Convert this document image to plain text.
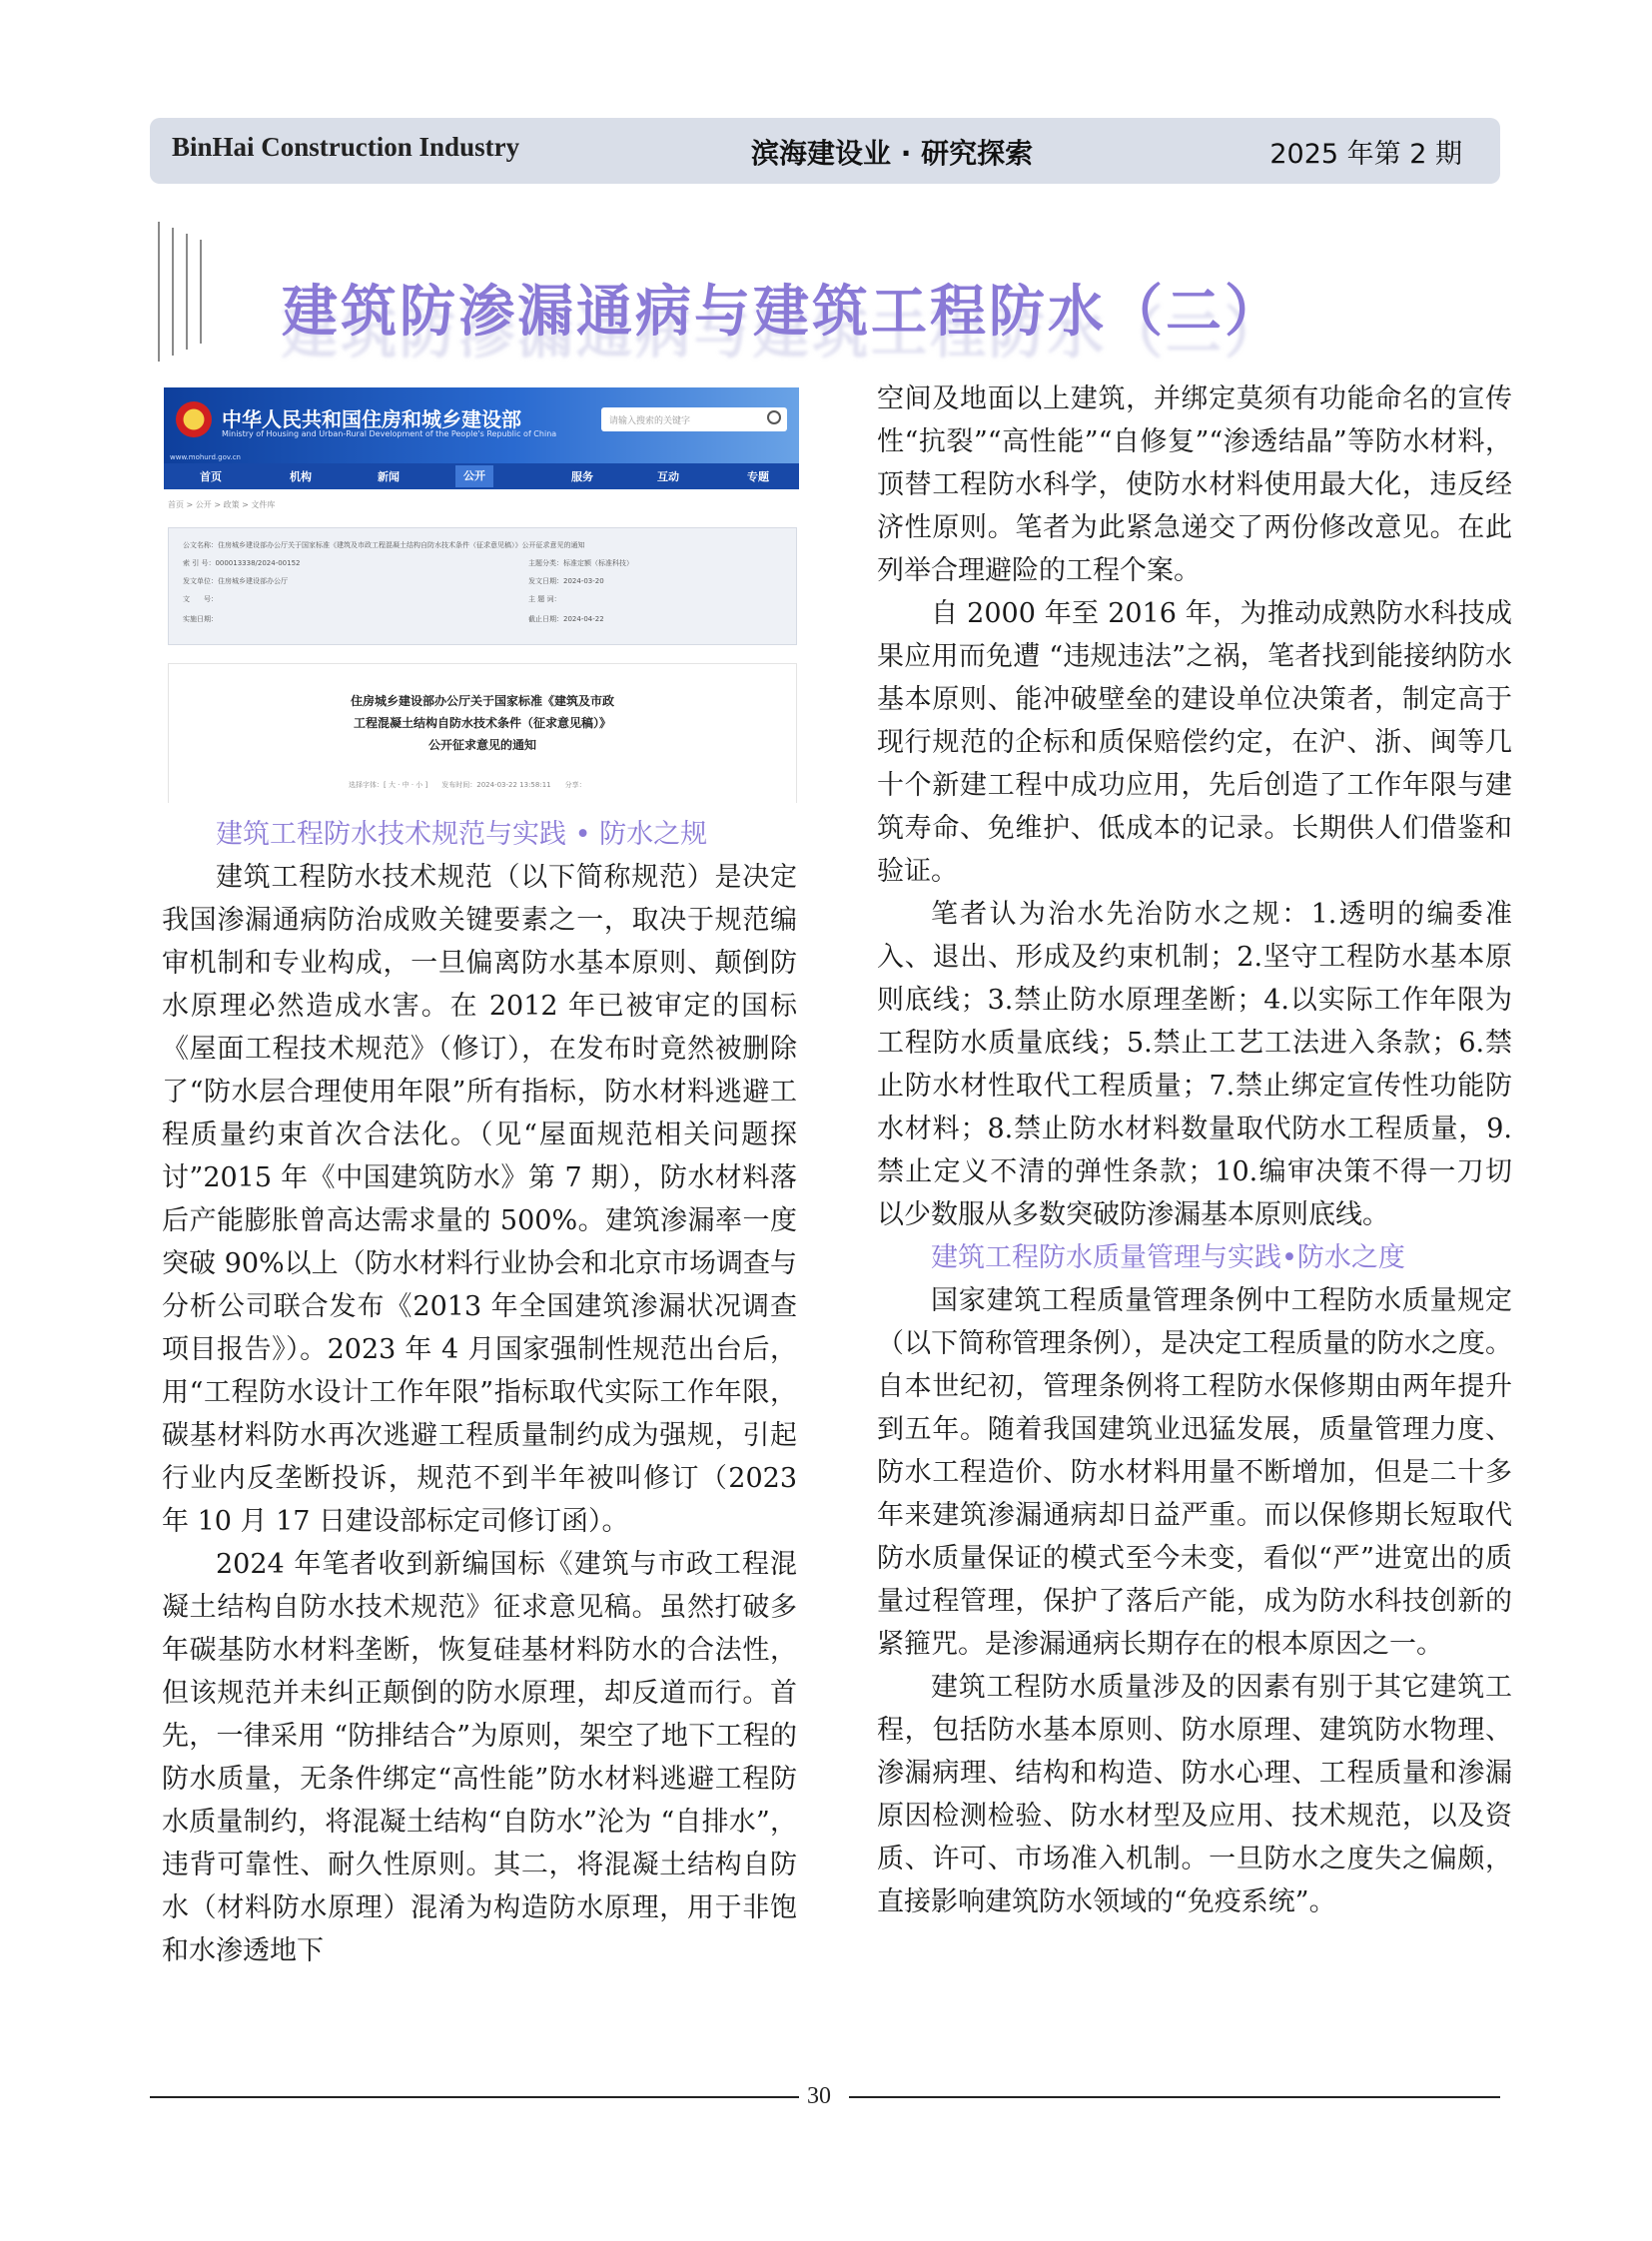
BinHai Construction Industry	滨海建设业 · 研究探索	2025 年第 2 期
建筑防渗漏通病与建筑工程防水（二）
中华人民共和国住房和城乡建设部
Ministry of Housing and Urban-Rural Development of the People's Republic of China
www.mohurd.gov.cn
请输入搜索的关键字
首页	机构	新闻	公开	服务	互动	专题
首页 > 公开 > 政策 > 文件库
公文名称：住房城乡建设部办公厅关于国家标准《建筑及市政工程混凝土结构自防水技术条件（征求意见稿）》公开征求意见的通知
索 引 号：000013338/2024-00152	主题分类：标准定额（标准科技）
发文单位：住房城乡建设部办公厅	发文日期：2024-03-20
文　　号：	主 题 词：
实施日期：	截止日期：2024-04-22
住房城乡建设部办公厅关于国家标准《建筑及市政
工程混凝土结构自防水技术条件（征求意见稿）》
公开征求意见的通知
选择字体：[ 大 · 中 · 小 ]　　发布时间：2024-03-22 13:58:11　　分享：

建筑工程防水技术规范与实践 • 防水之规

建筑工程防水技术规范（以下简称规范）是决定我国渗漏通病防治成败关键要素之一，取决于规范编审机制和专业构成，一旦偏离防水基本原则、颠倒防水原理必然造成水害。在 2012 年已被审定的国标《屋面工程技术规范》（修订），在发布时竟然被删除了“防水层合理使用年限”所有指标，防水材料逃避工程质量约束首次合法化。（见“屋面规范相关问题探讨”2015 年《中国建筑防水》第 7 期），防水材料落后产能膨胀曾高达需求量的 500%。建筑渗漏率一度突破 90%以上（防水材料行业协会和北京市场调查与分析公司联合发布《2013 年全国建筑渗漏状况调查项目报告》）。2023 年 4 月国家强制性规范出台后，用“工程防水设计工作年限”指标取代实际工作年限，碳基材料防水再次逃避工程质量制约成为强规，引起行业内反垄断投诉，规范不到半年被叫修订（2023 年 10 月 17 日建设部标定司修订函）。

2024 年笔者收到新编国标《建筑与市政工程混凝土结构自防水技术规范》征求意见稿。虽然打破多年碳基防水材料垄断，恢复硅基材料防水的合法性，但该规范并未纠正颠倒的防水原理，却反道而行。首先，一律采用 “防排结合”为原则，架空了地下工程的防水质量，无条件绑定“高性能”防水材料逃避工程防水质量制约，将混凝土结构“自防水”沦为 “自排水”，违背可靠性、耐久性原则。其二，将混凝土结构自防水（材料防水原理）混淆为构造防水原理，用于非饱和水渗透地下

空间及地面以上建筑，并绑定莫须有功能命名的宣传性“抗裂”“高性能”“自修复”“渗透结晶”等防水材料，顶替工程防水科学，使防水材料使用最大化，违反经济性原则。笔者为此紧急递交了两份修改意见。在此列举合理避险的工程个案。

自 2000 年至 2016 年，为推动成熟防水科技成果应用而免遭 “违规违法”之祸，笔者找到能接纳防水基本原则、能冲破壁垒的建设单位决策者，制定高于现行规范的企标和质保赔偿约定，在沪、浙、闽等几十个新建工程中成功应用，先后创造了工作年限与建筑寿命、免维护、低成本的记录。长期供人们借鉴和验证。

笔者认为治水先治防水之规：1.透明的编委准入、退出、形成及约束机制；2.坚守工程防水基本原则底线；3.禁止防水原理垄断；4.以实际工作年限为工程防水质量底线；5.禁止工艺工法进入条款；6.禁止防水材性取代工程质量；7.禁止绑定宣传性功能防水材料；8.禁止防水材料数量取代防水工程质量，9.禁止定义不清的弹性条款；10.编审决策不得一刀切以少数服从多数突破防渗漏基本原则底线。

建筑工程防水质量管理与实践•防水之度

国家建筑工程质量管理条例中工程防水质量规定（以下简称管理条例），是决定工程质量的防水之度。自本世纪初，管理条例将工程防水保修期由两年提升到五年。随着我国建筑业迅猛发展，质量管理力度、防水工程造价、防水材料用量不断增加，但是二十多年来建筑渗漏通病却日益严重。而以保修期长短取代防水质量保证的模式至今未变，看似“严”进宽出的质量过程管理，保护了落后产能，成为防水科技创新的紧箍咒。是渗漏通病长期存在的根本原因之一。

建筑工程防水质量涉及的因素有别于其它建筑工程，包括防水基本原则、防水原理、建筑防水物理、渗漏病理、结构和构造、防水心理、工程质量和渗漏原因检测检验、防水材型及应用、技术规范，以及资质、许可、市场准入机制。一旦防水之度失之偏颇，直接影响建筑防水领域的“免疫系统”。

30
